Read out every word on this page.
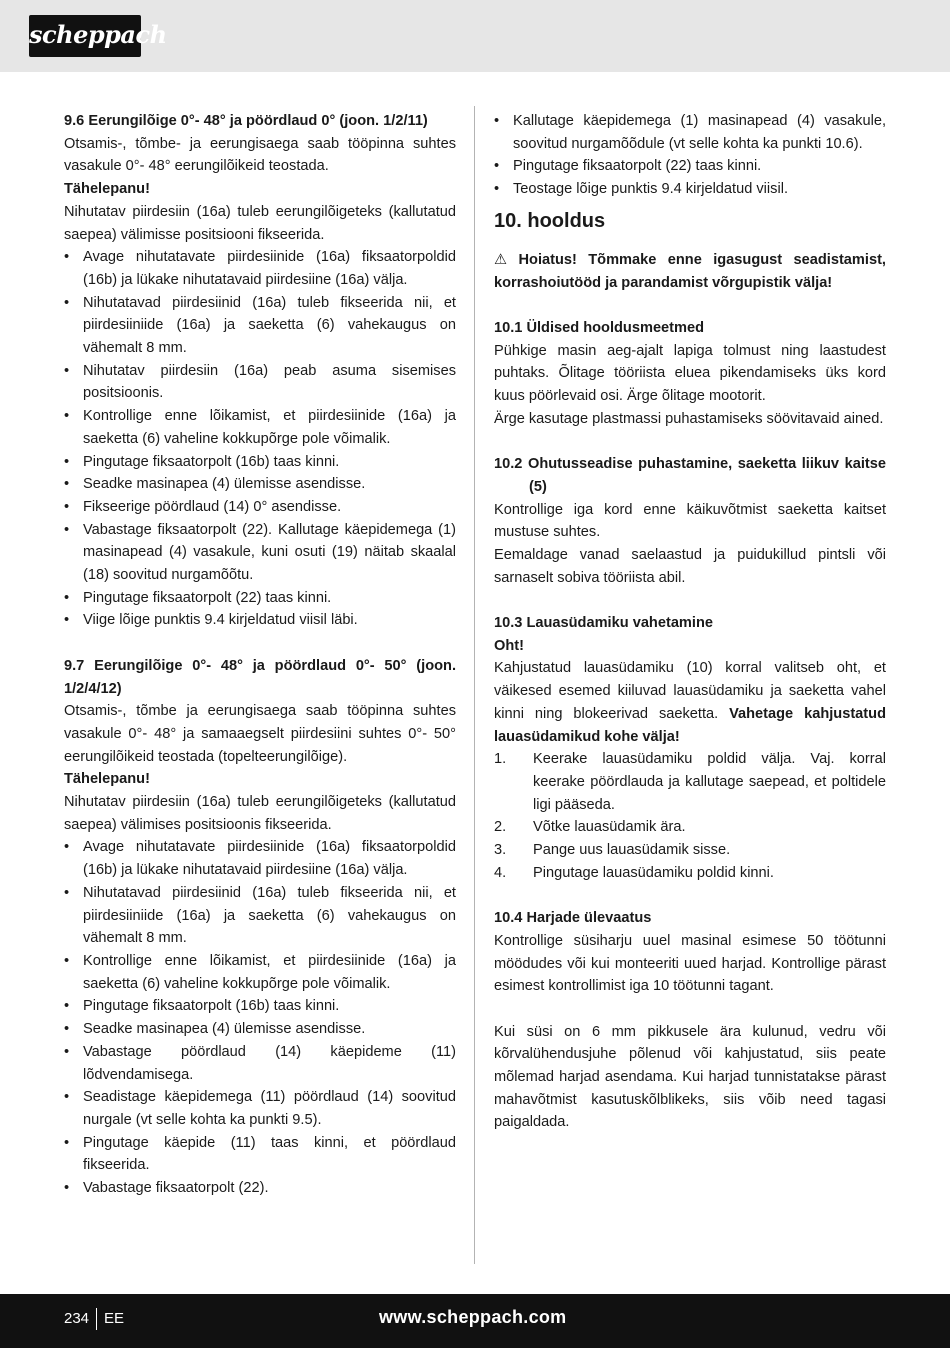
scheppach
9.6 Eerungilõige 0°- 48° ja pöördlaud 0° (joon. 1/2/11)
Otsamis-, tõmbe- ja eerungisaega saab tööpinna suhtes vasakule 0°- 48° eerungilõikeid teostada.
Tähelepanu!
Nihutatav piirdesiin (16a) tuleb eerungilõigeteks (kallutatud saepea) välimisse positsiooni fikseerida.
• Avage nihutatavate piirdesiinide (16a) fiksaatorpoldid (16b) ja lükake nihutatavaid piirdesiine (16a) välja.
• Nihutatavad piirdesiinid (16a) tuleb fikseerida nii, et piirdesiiniide (16a) ja saeketta (6) vahekaugus on vähemalt 8 mm.
• Nihutatav piirdesiin (16a) peab asuma sisemises positsioonis.
• Kontrollige enne lõikamist, et piirdesiinide (16a) ja saeketta (6) vaheline kokkupõrge pole võimalik.
• Pingutage fiksaatorpolt (16b) taas kinni.
• Seadke masinapea (4) ülemisse asendisse.
• Fikseerige pöördlaud (14) 0° asendisse.
• Vabastage fiksaatorpolt (22). Kallutage käepidemega (1) masinapead (4) vasakule, kuni osuti (19) näitab skaalal (18) soovitud nurgamõõtu.
• Pingutage fiksaatorpolt (22) taas kinni.
• Viige lõige punktis 9.4 kirjeldatud viisil läbi.
9.7 Eerungilõige 0°- 48° ja pöördlaud 0°- 50° (joon. 1/2/4/12)
Otsamis-, tõmbe ja eerungisaega saab tööpinna suhtes vasakule 0°- 48° ja samaaegselt piirdesiini suhtes 0°- 50° eerungilõikeid teostada (topelteerungilõige).
Tähelepanu!
Nihutatav piirdesiin (16a) tuleb eerungilõigeteks (kallutatud saepea) välimises positsioonis fikseerida.
• Avage nihutatavate piirdesiinide (16a) fiksaatorpoldid (16b) ja lükake nihutatavaid piirdesiine (16a) välja.
• Nihutatavad piirdesiinid (16a) tuleb fikseerida nii, et piirdesiiniide (16a) ja saeketta (6) vahekaugus on vähemalt 8 mm.
• Kontrollige enne lõikamist, et piirdesiinide (16a) ja saeketta (6) vaheline kokkupõrge pole võimalik.
• Pingutage fiksaatorpolt (16b) taas kinni.
• Seadke masinapea (4) ülemisse asendisse.
• Vabastage pöördlaud (14) käepideme (11) lõdvendamisega.
• Seadistage käepidemega (11) pöördlaud (14) soovitud nurgale (vt selle kohta ka punkti 9.5).
• Pingutage käepide (11) taas kinni, et pöördlaud fikseerida.
• Vabastage fiksaatorpolt (22).
• Kallutage käepidemega (1) masinapead (4) vasakule, soovitud nurgamõõdule (vt selle kohta ka punkti 10.6).
• Pingutage fiksaatorpolt (22) taas kinni.
• Teostage lõige punktis 9.4 kirjeldatud viisil.
10. hooldus
⚠ Hoiatus! Tõmmake enne igasugust seadistamist, korrashoiutööd ja parandamist võrgupistik välja!
10.1 Üldised hooldusmeetmed
Pühkige masin aeg-ajalt lapiga tolmust ning laastudest puhtaks. Õlitage tööriista eluea pikendamiseks üks kord kuus pöörlevaid osi. Ärge õlitage mootorit.
Ärge kasutage plastmassi puhastamiseks söövitavaid ained.
10.2 Ohutusseadise puhastamine, saeketta liikuv kaitse (5)
Kontrollige iga kord enne käikuvõtmist saeketta kaitset mustuse suhtes.
Eemaldage vanad saelaastud ja puidukillud pintsli või sarnaselt sobiva tööriista abil.
10.3 Lauasüdamiku vahetamine
Oht!
Kahjustatud lauasüdamiku (10) korral valitseb oht, et väikesed esemed kiiluvad lauasüdamiku ja saeketta vahel kinni ning blokeerivad saeketta. Vahetage kahjustatud lauasüdamikud kohe välja!
1. Keerake lauasüdamiku poldid välja. Vaj. korral keerake pöördlauda ja kallutage saepead, et poltidele ligi pääseda.
2. Võtke lauasüdamik ära.
3. Pange uus lauasüdamik sisse.
4. Pingutage lauasüdamiku poldid kinni.
10.4 Harjade ülevaatus
Kontrollige süsiharju uuel masinal esimese 50 töötunni möödudes või kui monteeriti uued harjad. Kontrollige pärast esimest kontrollimist iga 10 töötunni tagant.
Kui süsi on 6 mm pikkusele ära kulunud, vedru või kõrvalühendusjuhe põlenud või kahjustatud, siis peate mõlemad harjad asendama. Kui harjad tunnistatakse pärast mahavõtmist kasutuskõlblikeks, siis võib need tagasi paigaldada.
234 EE	www.scheppach.com
